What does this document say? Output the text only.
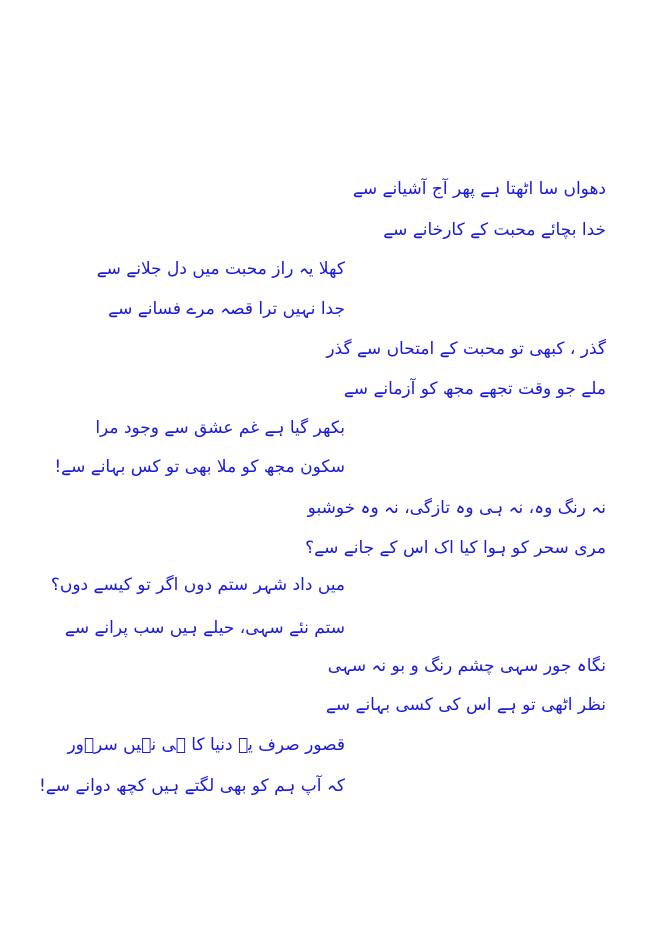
دھواں سا اٹھتا ہے پھر آج آشیانے سے
خدا بچائے محبت کے کارخانے سے
کھلا یہ راز محبت میں دل جلانے سے
جدا نہیں ترا قصہ مرے فسانے سے
گذر ، کبھی تو محبت کے امتحاں سے گذر
ملے جو وقت تجھے مجھ کو آزمانے سے
بکھر گیا ہے غم عشق سے وجود مرا
سکون مجھ کو ملا بھی تو کس بہانے سے!
نہ رنگ وہ، نہ ہی وہ تازگی، نہ وہ خوشبو
مری سحر کو ہوا کیا اک اس کے جانے سے؟
میں داد شہر ستم دوں اگر تو کیسے دوں؟
ستم نئے سہی، حیلے ہیں سب پرانے سے
نگاہ جور سہی چشم رنگ و بو نہ سہی
نظر اٹھی تو ہے اس کی کسی بہانے سے
قصور صرف یہ دنیا کا ہی نہیں سرؔور
کہ آپ ہم کو بھی لگتے ہیں کچھ دوانے سے!
